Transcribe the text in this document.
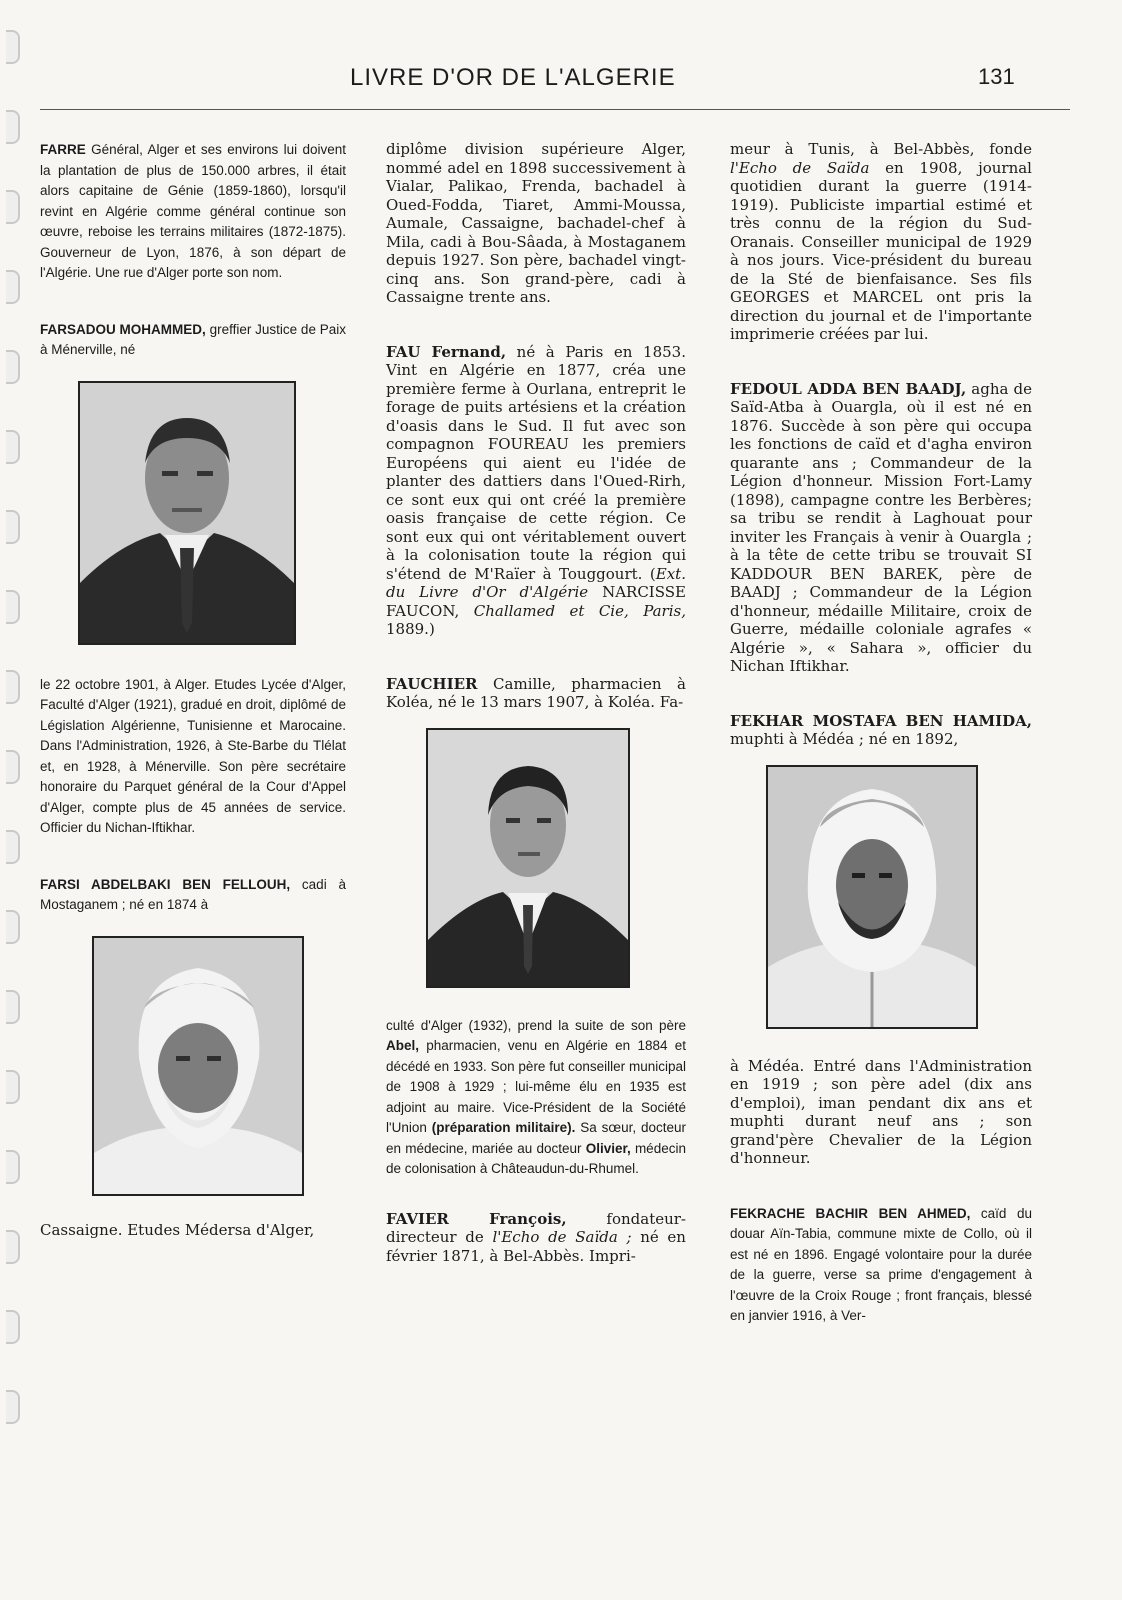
LIVRE D'OR DE L'ALGERIE	131

FARRE Général, Alger et ses environs lui doivent la plantation de plus de 150.000 arbres, il était alors capitaine de Génie (1859-1860), lorsqu'il revint en Algérie comme général continue son œuvre, reboise les terrains militaires (1872-1875). Gouverneur de Lyon, 1876, à son départ de l'Algérie. Une rue d'Alger porte son nom.

FARSADOU MOHAMMED, greffier Justice de Paix à Ménerville, né

le 22 octobre 1901, à Alger. Etudes Lycée d'Alger, Faculté d'Alger (1921), gradué en droit, diplômé de Législation Algérienne, Tunisienne et Marocaine. Dans l'Administration, 1926, à Ste-Barbe du Tlélat et, en 1928, à Ménerville. Son père secrétaire honoraire du Parquet général de la Cour d'Appel d'Alger, compte plus de 45 années de service. Officier du Nichan-Iftikhar.

FARSI ABDELBAKI BEN FELLOUH, cadi à Mostaganem ; né en 1874 à

Cassaigne. Etudes Médersa d'Alger,

diplôme division supérieure Alger, nommé adel en 1898 successivement à Vialar, Palikao, Frenda, bachadel à Oued-Fodda, Tiaret, Ammi-Moussa, Aumale, Cassaigne, bachadel-chef à Mila, cadi à Bou-Sâada, à Mostaganem depuis 1927. Son père, bachadel vingt-cinq ans. Son grand-père, cadi à Cassaigne trente ans.

FAU Fernand, né à Paris en 1853. Vint en Algérie en 1877, créa une première ferme à Ourlana, entreprit le forage de puits artésiens et la création d'oasis dans le Sud. Il fut avec son compagnon FOUREAU les premiers Européens qui aient eu l'idée de planter des dattiers dans l'Oued-Rirh, ce sont eux qui ont créé la première oasis française de cette région. Ce sont eux qui ont véritablement ouvert à la colonisation toute la région qui s'étend de M'Raïer à Touggourt. (Ext. du Livre d'Or d'Algérie NARCISSE FAUCON, Challamed et Cie, Paris, 1889.)

FAUCHIER Camille, pharmacien à Koléa, né le 13 mars 1907, à Koléa. Fa-

culté d'Alger (1932), prend la suite de son père Abel, pharmacien, venu en Algérie en 1884 et décédé en 1933. Son père fut conseiller municipal de 1908 à 1929 ; lui-même élu en 1935 est adjoint au maire. Vice-Président de la Société l'Union (préparation militaire). Sa sœur, docteur en médecine, mariée au docteur Olivier, médecin de colonisation à Châteaudun-du-Rhumel.

FAVIER François,	fondateur-directeur de l'Echo de Saïda ; né en février 1871, à Bel-Abbès. Impri-

meur à Tunis, à Bel-Abbès, fonde l'Echo de Saïda en 1908, journal quotidien durant la guerre (1914-1919). Publiciste impartial estimé et très connu de la région du Sud-Oranais. Conseiller municipal de 1929 à nos jours. Vice-président du bureau de la Sté de bienfaisance. Ses fils GEORGES et MARCEL ont pris la direction du journal et de l'importante imprimerie créées par lui.

FEDOUL ADDA BEN BAADJ, agha de Saïd-Atba à Ouargla, où il est né en 1876. Succède à son père qui occupa les fonctions de caïd et d'agha environ quarante ans ; Commandeur de la Légion d'honneur. Mission Fort-Lamy (1898), campagne contre les Berbères; sa tribu se rendit à Laghouat pour inviter les Français à venir à Ouargla ; à la tête de cette tribu se trouvait SI KADDOUR BEN BAREK, père de BAADJ ; Commandeur de la Légion d'honneur, médaille Militaire, croix de Guerre, médaille coloniale agrafes « Algérie », « Sahara », officier du Nichan Iftikhar.

FEKHAR MOSTAFA BEN HAMIDA, muphti à Médéa ; né en 1892,

à Médéa. Entré dans l'Administration en 1919 ; son père adel (dix ans d'emploi), iman pendant dix ans et muphti durant neuf ans ; son grand'père Chevalier de la Légion d'honneur.

FEKRACHE BACHIR BEN AHMED, caïd du douar Aïn-Tabia, commune mixte de Collo, où il est né en 1896. Engagé volontaire pour la durée de la guerre, verse sa prime d'engagement à l'œuvre de la Croix Rouge ; front français, blessé en janvier 1916, à Ver-
